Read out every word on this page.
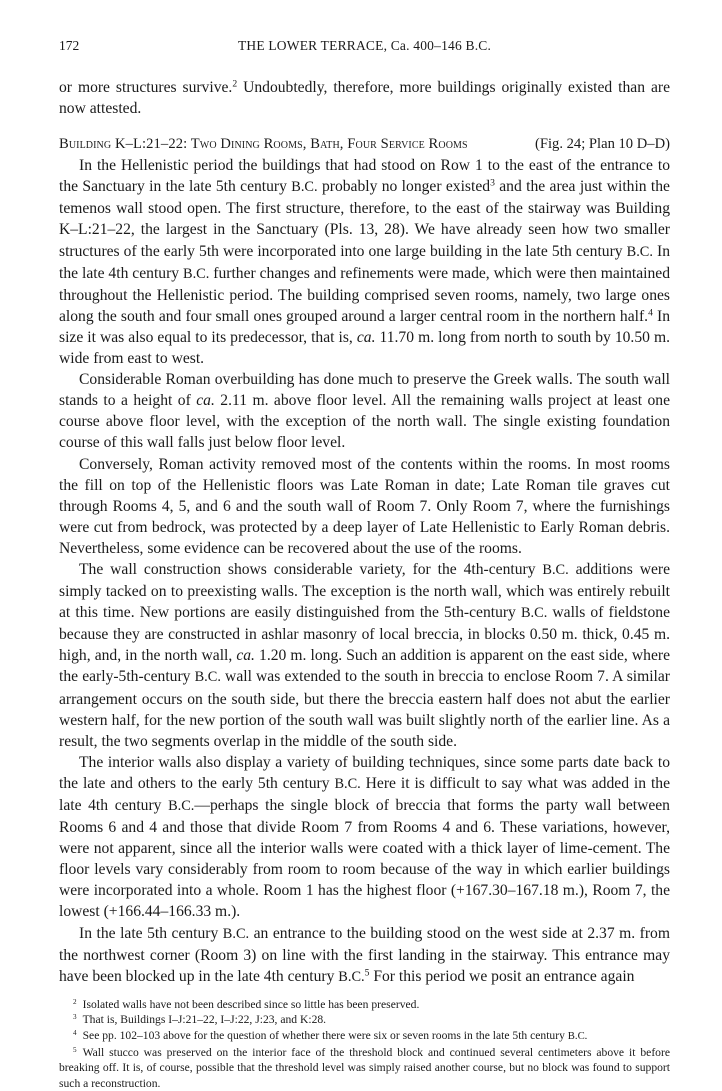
172	THE LOWER TERRACE, Ca. 400–146 B.C.

or more structures survive.$^2$ Undoubtedly, therefore, more buildings originally existed than are now attested.

(Fig. 24; Plan 10 D–D)
Building K–L:21–22: Two Dining Rooms, Bath, Four Service Rooms

In the Hellenistic period the buildings that had stood on Row 1 to the east of the entrance to the Sanctuary in the late 5th century B.C. probably no longer existed$^3$ and the area just within the temenos wall stood open. The first structure, therefore, to the east of the stairway was Building K–L:21–22, the largest in the Sanctuary (Pls. 13, 28). We have already seen how two smaller structures of the early 5th were incorporated into one large building in the late 5th century B.C. In the late 4th century B.C. further changes and refinements were made, which were then maintained throughout the Hellenistic period. The building comprised seven rooms, namely, two large ones along the south and four small ones grouped around a larger central room in the northern half.$^4$ In size it was also equal to its predecessor, that is, ca. 11.70 m. long from north to south by 10.50 m. wide from east to west.

Considerable Roman overbuilding has done much to preserve the Greek walls. The south wall stands to a height of ca. 2.11 m. above floor level. All the remaining walls project at least one course above floor level, with the exception of the north wall. The single existing foundation course of this wall falls just below floor level.

Conversely, Roman activity removed most of the contents within the rooms. In most rooms the fill on top of the Hellenistic floors was Late Roman in date; Late Roman tile graves cut through Rooms 4, 5, and 6 and the south wall of Room 7. Only Room 7, where the furnishings were cut from bedrock, was protected by a deep layer of Late Hellenistic to Early Roman debris. Nevertheless, some evidence can be recovered about the use of the rooms.

The wall construction shows considerable variety, for the 4th-century B.C. additions were simply tacked on to preexisting walls. The exception is the north wall, which was entirely rebuilt at this time. New portions are easily distinguished from the 5th-century B.C. walls of fieldstone because they are constructed in ashlar masonry of local breccia, in blocks 0.50 m. thick, 0.45 m. high, and, in the north wall, ca. 1.20 m. long. Such an addition is apparent on the east side, where the early-5th-century B.C. wall was extended to the south in breccia to enclose Room 7. A similar arrangement occurs on the south side, but there the breccia eastern half does not abut the earlier western half, for the new portion of the south wall was built slightly north of the earlier line. As a result, the two segments overlap in the middle of the south side.

The interior walls also display a variety of building techniques, since some parts date back to the late and others to the early 5th century B.C. Here it is difficult to say what was added in the late 4th century B.C.—perhaps the single block of breccia that forms the party wall between Rooms 6 and 4 and those that divide Room 7 from Rooms 4 and 6. These variations, however, were not apparent, since all the interior walls were coated with a thick layer of lime-cement. The floor levels vary considerably from room to room because of the way in which earlier buildings were incorporated into a whole. Room 1 has the highest floor (+167.30–167.18 m.), Room 7, the lowest (+166.44–166.33 m.).

In the late 5th century B.C. an entrance to the building stood on the west side at 2.37 m. from the northwest corner (Room 3) on line with the first landing in the stairway. This entrance may have been blocked up in the late 4th century B.C.$^5$ For this period we posit an entrance again

$^2$ Isolated walls have not been described since so little has been preserved.

$^3$ That is, Buildings I–J:21–22, I–J:22, J:23, and K:28.

$^4$ See pp. 102–103 above for the question of whether there were six or seven rooms in the late 5th century B.C.

$^5$ Wall stucco was preserved on the interior face of the threshold block and continued several centimeters above it before breaking off. It is, of course, possible that the threshold level was simply raised another course, but no block was found to support such a reconstruction.
